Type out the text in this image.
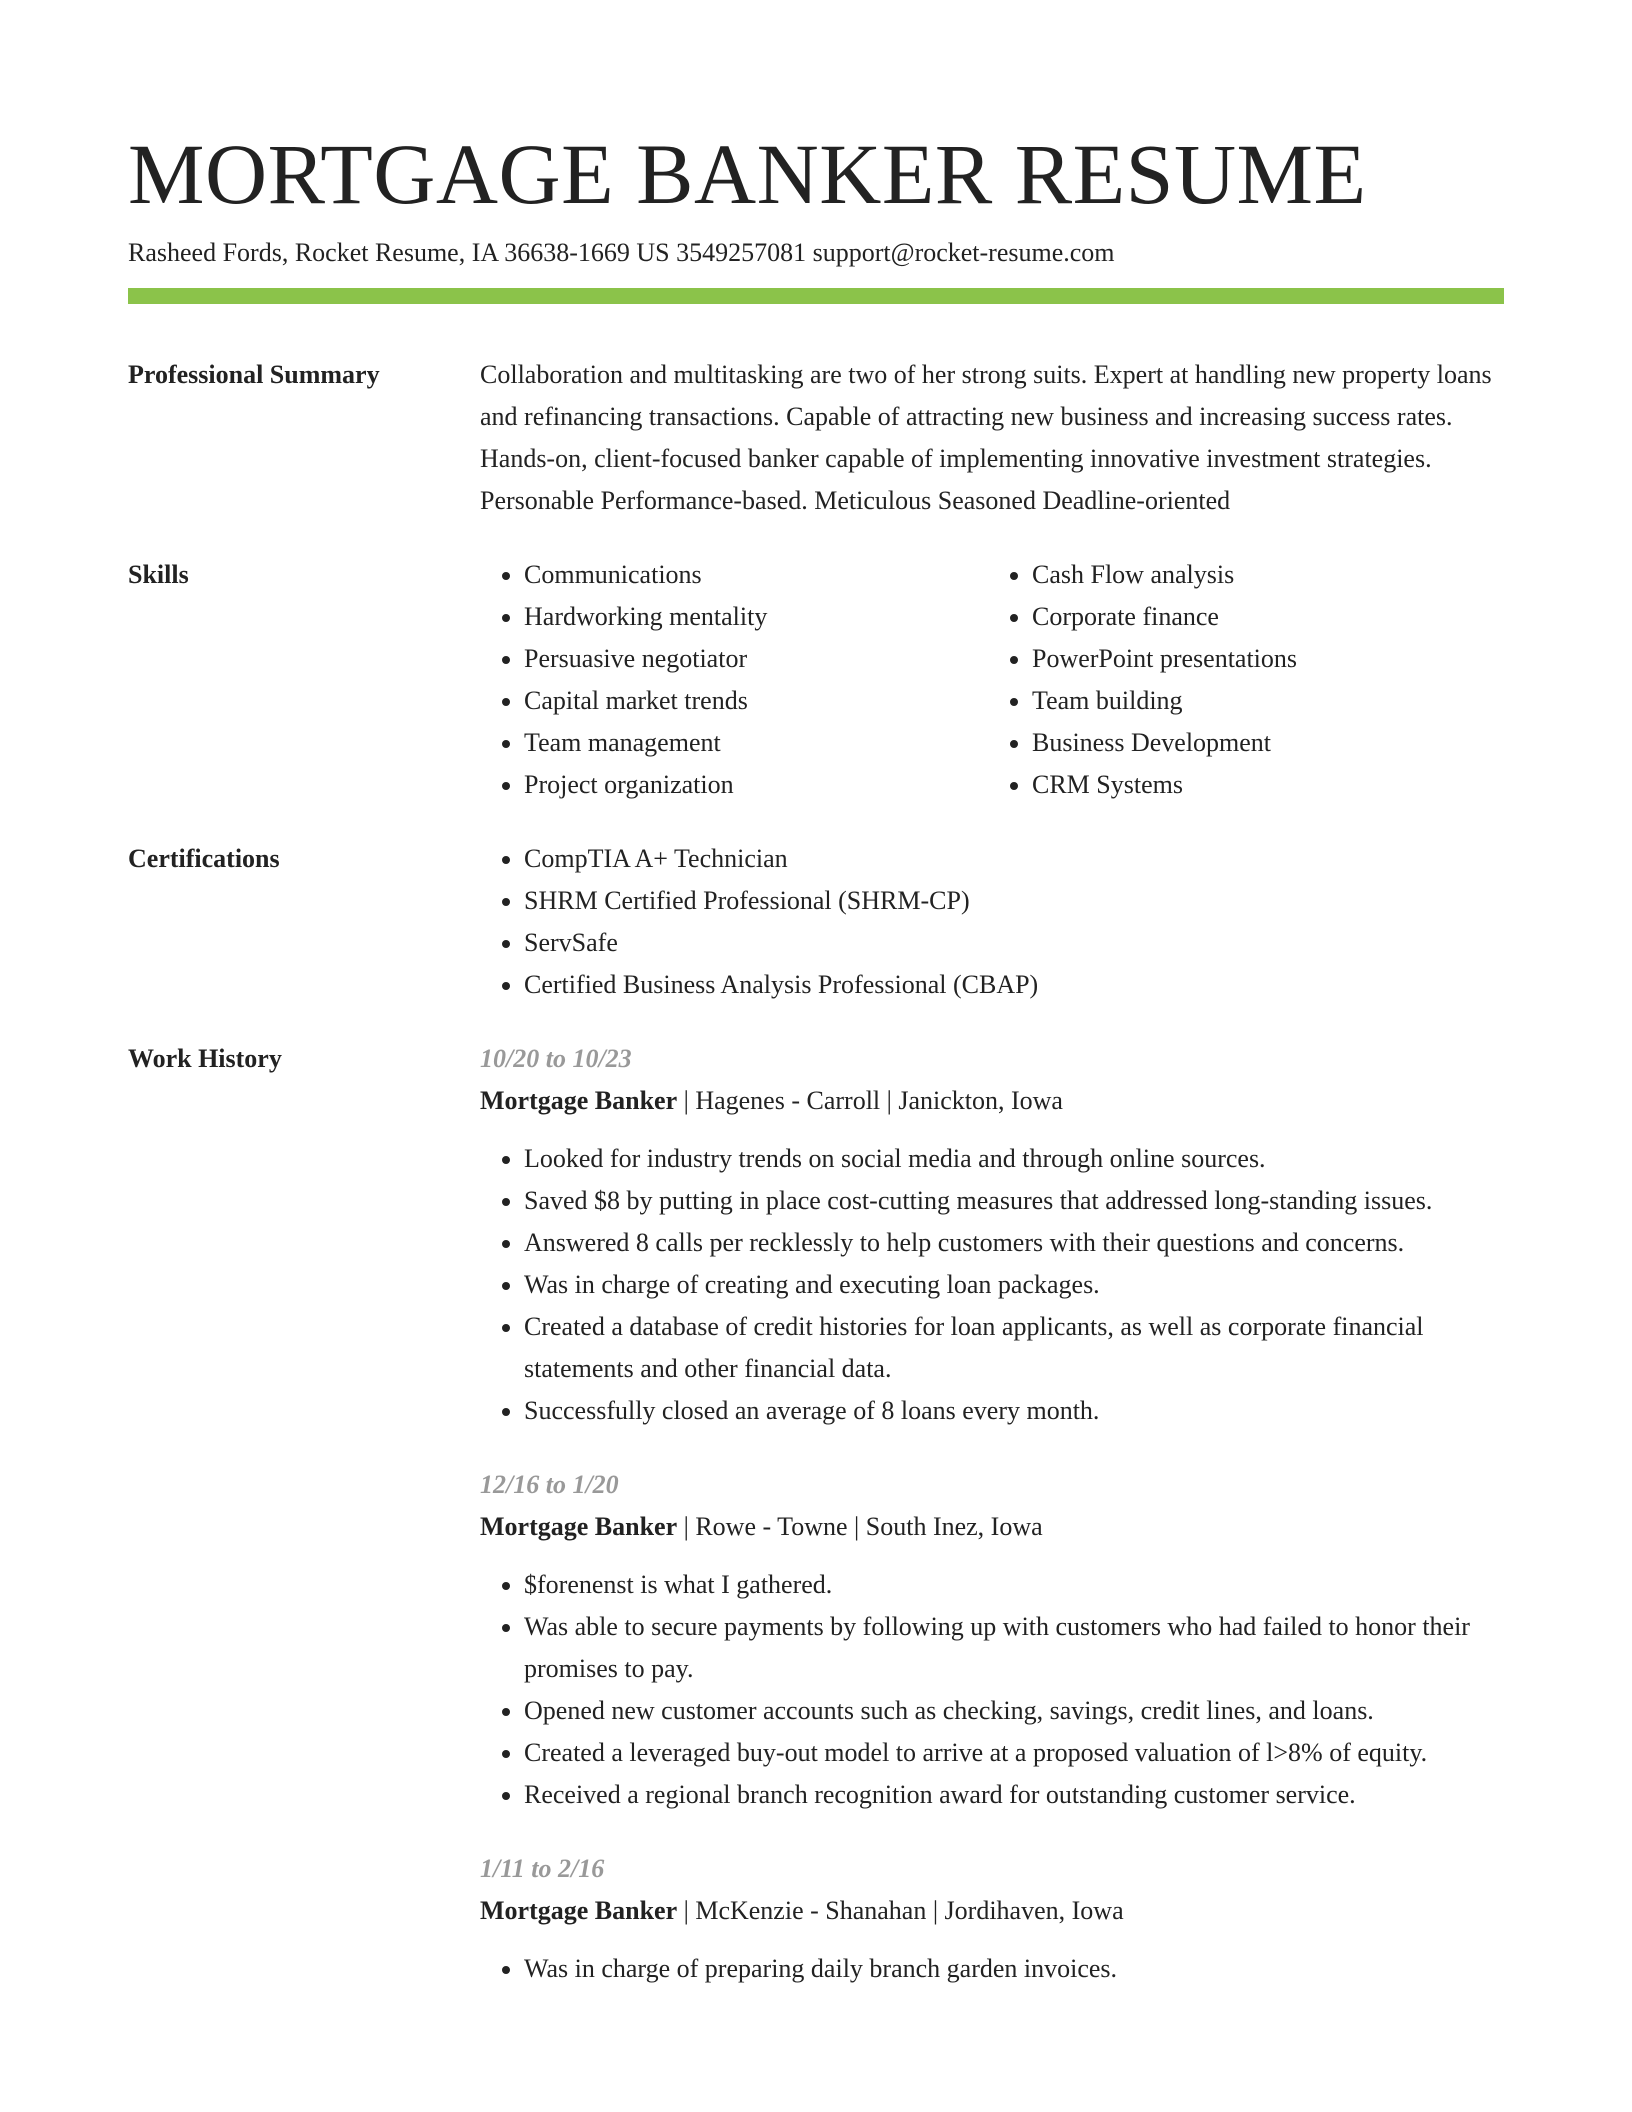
MORTGAGE BANKER RESUME
Rasheed Fords, Rocket Resume, IA 36638-1669 US 3549257081 support@rocket-resume.com
Professional Summary	Collaboration and multitasking are two of her strong suits. Expert at handling new property loans and refinancing transactions. Capable of attracting new business and increasing success rates. Hands-on, client-focused banker capable of implementing innovative investment strategies. Personable Performance-based. Meticulous Seasoned Deadline-oriented
Skills	• Communications
• Hardworking mentality
• Persuasive negotiator
• Capital market trends
• Team management
• Project organization
• Cash Flow analysis
• Corporate finance
• PowerPoint presentations
• Team building
• Business Development
• CRM Systems
Certifications	• CompTIA A+ Technician
• SHRM Certified Professional (SHRM-CP)
• ServSafe
• Certified Business Analysis Professional (CBAP)
Work History	10/20 to 10/23
Mortgage Banker | Hagenes - Carroll | Janickton, Iowa
• Looked for industry trends on social media and through online sources.
• Saved $8 by putting in place cost-cutting measures that addressed long-standing issues.
• Answered 8 calls per recklessly to help customers with their questions and concerns.
• Was in charge of creating and executing loan packages.
• Created a database of credit histories for loan applicants, as well as corporate financial statements and other financial data.
• Successfully closed an average of 8 loans every month.
12/16 to 1/20
Mortgage Banker | Rowe - Towne | South Inez, Iowa
• $forenenst is what I gathered.
• Was able to secure payments by following up with customers who had failed to honor their promises to pay.
• Opened new customer accounts such as checking, savings, credit lines, and loans.
• Created a leveraged buy-out model to arrive at a proposed valuation of l>8% of equity.
• Received a regional branch recognition award for outstanding customer service.
1/11 to 2/16
Mortgage Banker | McKenzie - Shanahan | Jordihaven, Iowa
• Was in charge of preparing daily branch garden invoices.
